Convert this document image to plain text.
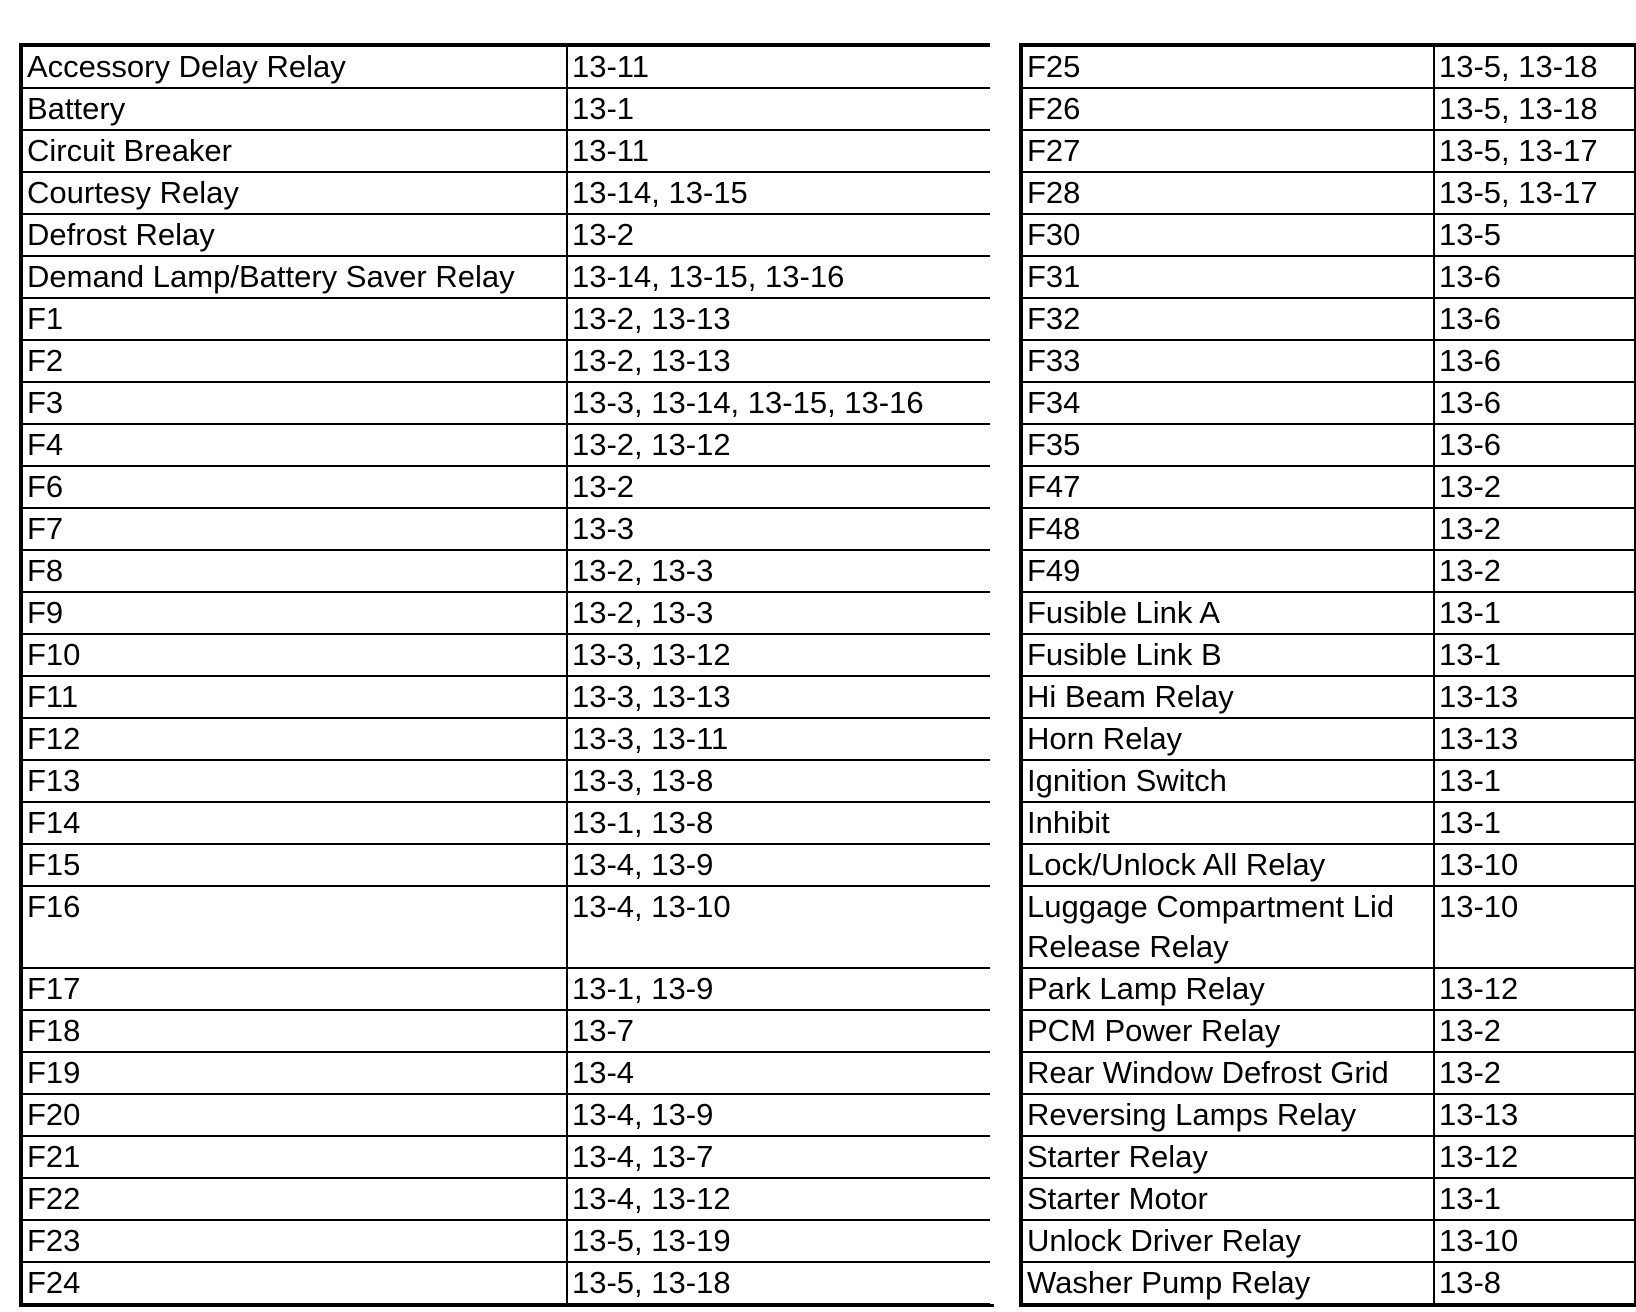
Accessory Delay Relay	13-11
Battery	13-1
Circuit Breaker	13-11
Courtesy Relay	13-14, 13-15
Defrost Relay	13-2
Demand Lamp/Battery Saver Relay	13-14, 13-15, 13-16
F1	13-2, 13-13
F2	13-2, 13-13
F3	13-3, 13-14, 13-15, 13-16
F4	13-2, 13-12
F6	13-2
F7	13-3
F8	13-2, 13-3
F9	13-2, 13-3
F10	13-3, 13-12
F11	13-3, 13-13
F12	13-3, 13-11
F13	13-3, 13-8
F14	13-1, 13-8
F15	13-4, 13-9
F16	13-4, 13-10
F17	13-1, 13-9
F18	13-7
F19	13-4
F20	13-4, 13-9
F21	13-4, 13-7
F22	13-4, 13-12
F23	13-5, 13-19
F24	13-5, 13-18
F25	13-5, 13-18
F26	13-5, 13-18
F27	13-5, 13-17
F28	13-5, 13-17
F30	13-5
F31	13-6
F32	13-6
F33	13-6
F34	13-6
F35	13-6
F47	13-2
F48	13-2
F49	13-2
Fusible Link A	13-1
Fusible Link B	13-1
Hi Beam Relay	13-13
Horn Relay	13-13
Ignition Switch	13-1
Inhibit	13-1
Lock/Unlock All Relay	13-10
Luggage Compartment Lid Release Relay	13-10
Park Lamp Relay	13-12
PCM Power Relay	13-2
Rear Window Defrost Grid	13-2
Reversing Lamps Relay	13-13
Starter Relay	13-12
Starter Motor	13-1
Unlock Driver Relay	13-10
Washer Pump Relay	13-8
